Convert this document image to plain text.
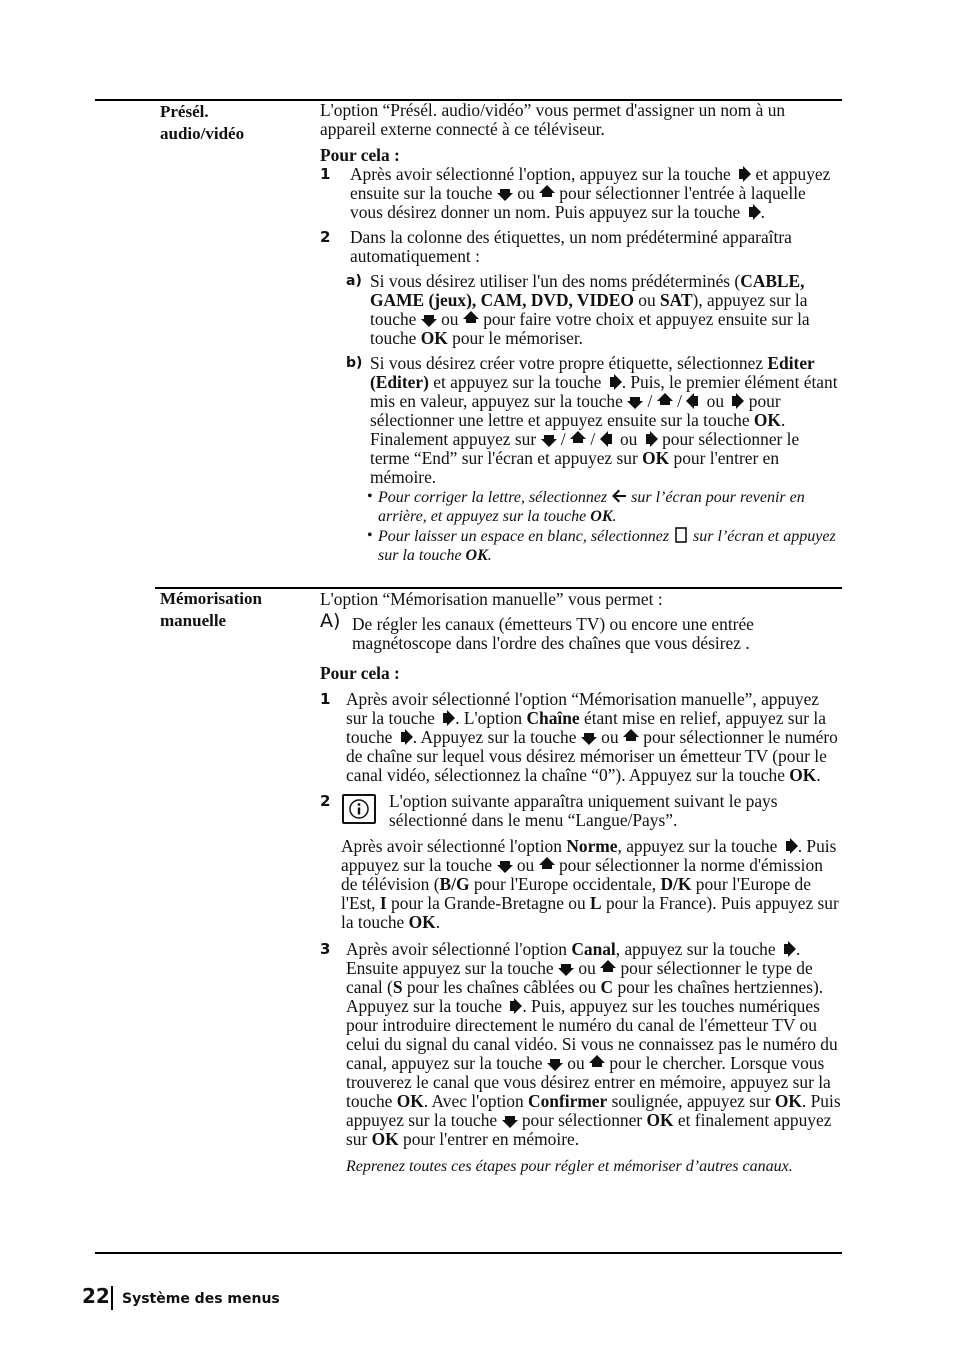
Présél.
audio/vidéo

L'option “Présél. audio/vidéo” vous permet d'assigner un nom à un appareil externe connecté à ce téléviseur.

Pour cela :

1 Après avoir sélectionné l'option, appuyez sur la touche et appuyez ensuite sur la touche ou pour sélectionner l'entrée à laquelle vous désirez donner un nom. Puis appuyez sur la touche .
2 Dans la colonne des étiquettes, un nom prédéterminé apparaîtra automatiquement :
a) Si vous désirez utiliser l'un des noms prédéterminés (CABLE, GAME (jeux), CAM, DVD, VIDEO ou SAT), appuyez sur la touche ou pour faire votre choix et appuyez ensuite sur la touche OK pour le mémoriser.
b) Si vous désirez créer votre propre étiquette, sélectionnez Editer (Editer) et appuyez sur la touche . Puis, le premier élément étant mis en valeur, appuyez sur la touche / / ou pour sélectionner une lettre et appuyez ensuite sur la touche OK. Finalement appuyez sur / / ou pour sélectionner le terme “End” sur l'écran et appuyez sur OK pour l'entrer en mémoire.
• Pour corriger la lettre, sélectionnez sur l’écran pour revenir en arrière, et appuyez sur la touche OK.
• Pour laisser un espace en blanc, sélectionnez sur l’écran et appuyez sur la touche OK.
Mémorisation
manuelle

L'option “Mémorisation manuelle” vous permet :

A) De régler les canaux (émetteurs TV) ou encore une entrée magnétoscope dans l'ordre des chaînes que vous désirez .

Pour cela :

1 Après avoir sélectionné l'option “Mémorisation manuelle”, appuyez sur la touche . L'option Chaîne étant mise en relief, appuyez sur la touche . Appuyez sur la touche ou pour sélectionner le numéro de chaîne sur lequel vous désirez mémoriser un émetteur TV (pour le canal vidéo, sélectionnez la chaîne “0”). Appuyez sur la touche OK.
2	L'option suivante apparaîtra uniquement suivant le pays sélectionné dans le menu “Langue/Pays”.
Après avoir sélectionné l'option Norme, appuyez sur la touche . Puis appuyez sur la touche ou pour sélectionner la norme d'émission de télévision (B/G pour l'Europe occidentale, D/K pour l'Europe de l'Est, I pour la Grande-Bretagne ou L pour la France). Puis appuyez sur la touche OK.
3 Après avoir sélectionné l'option Canal, appuyez sur la touche . Ensuite appuyez sur la touche ou pour sélectionner le type de canal (S pour les chaînes câblées ou C pour les chaînes hertziennes). Appuyez sur la touche . Puis, appuyez sur les touches numériques pour introduire directement le numéro du canal de l'émetteur TV ou celui du signal du canal vidéo. Si vous ne connaissez pas le numéro du canal, appuyez sur la touche ou pour le chercher. Lorsque vous trouverez le canal que vous désirez entrer en mémoire, appuyez sur la touche OK. Avec l'option Confirmer soulignée, appuyez sur OK. Puis appuyez sur la touche pour sélectionner OK et finalement appuyez sur OK pour l'entrer en mémoire.

Reprenez toutes ces étapes pour régler et mémoriser d’autres canaux.

22 Système des menus
